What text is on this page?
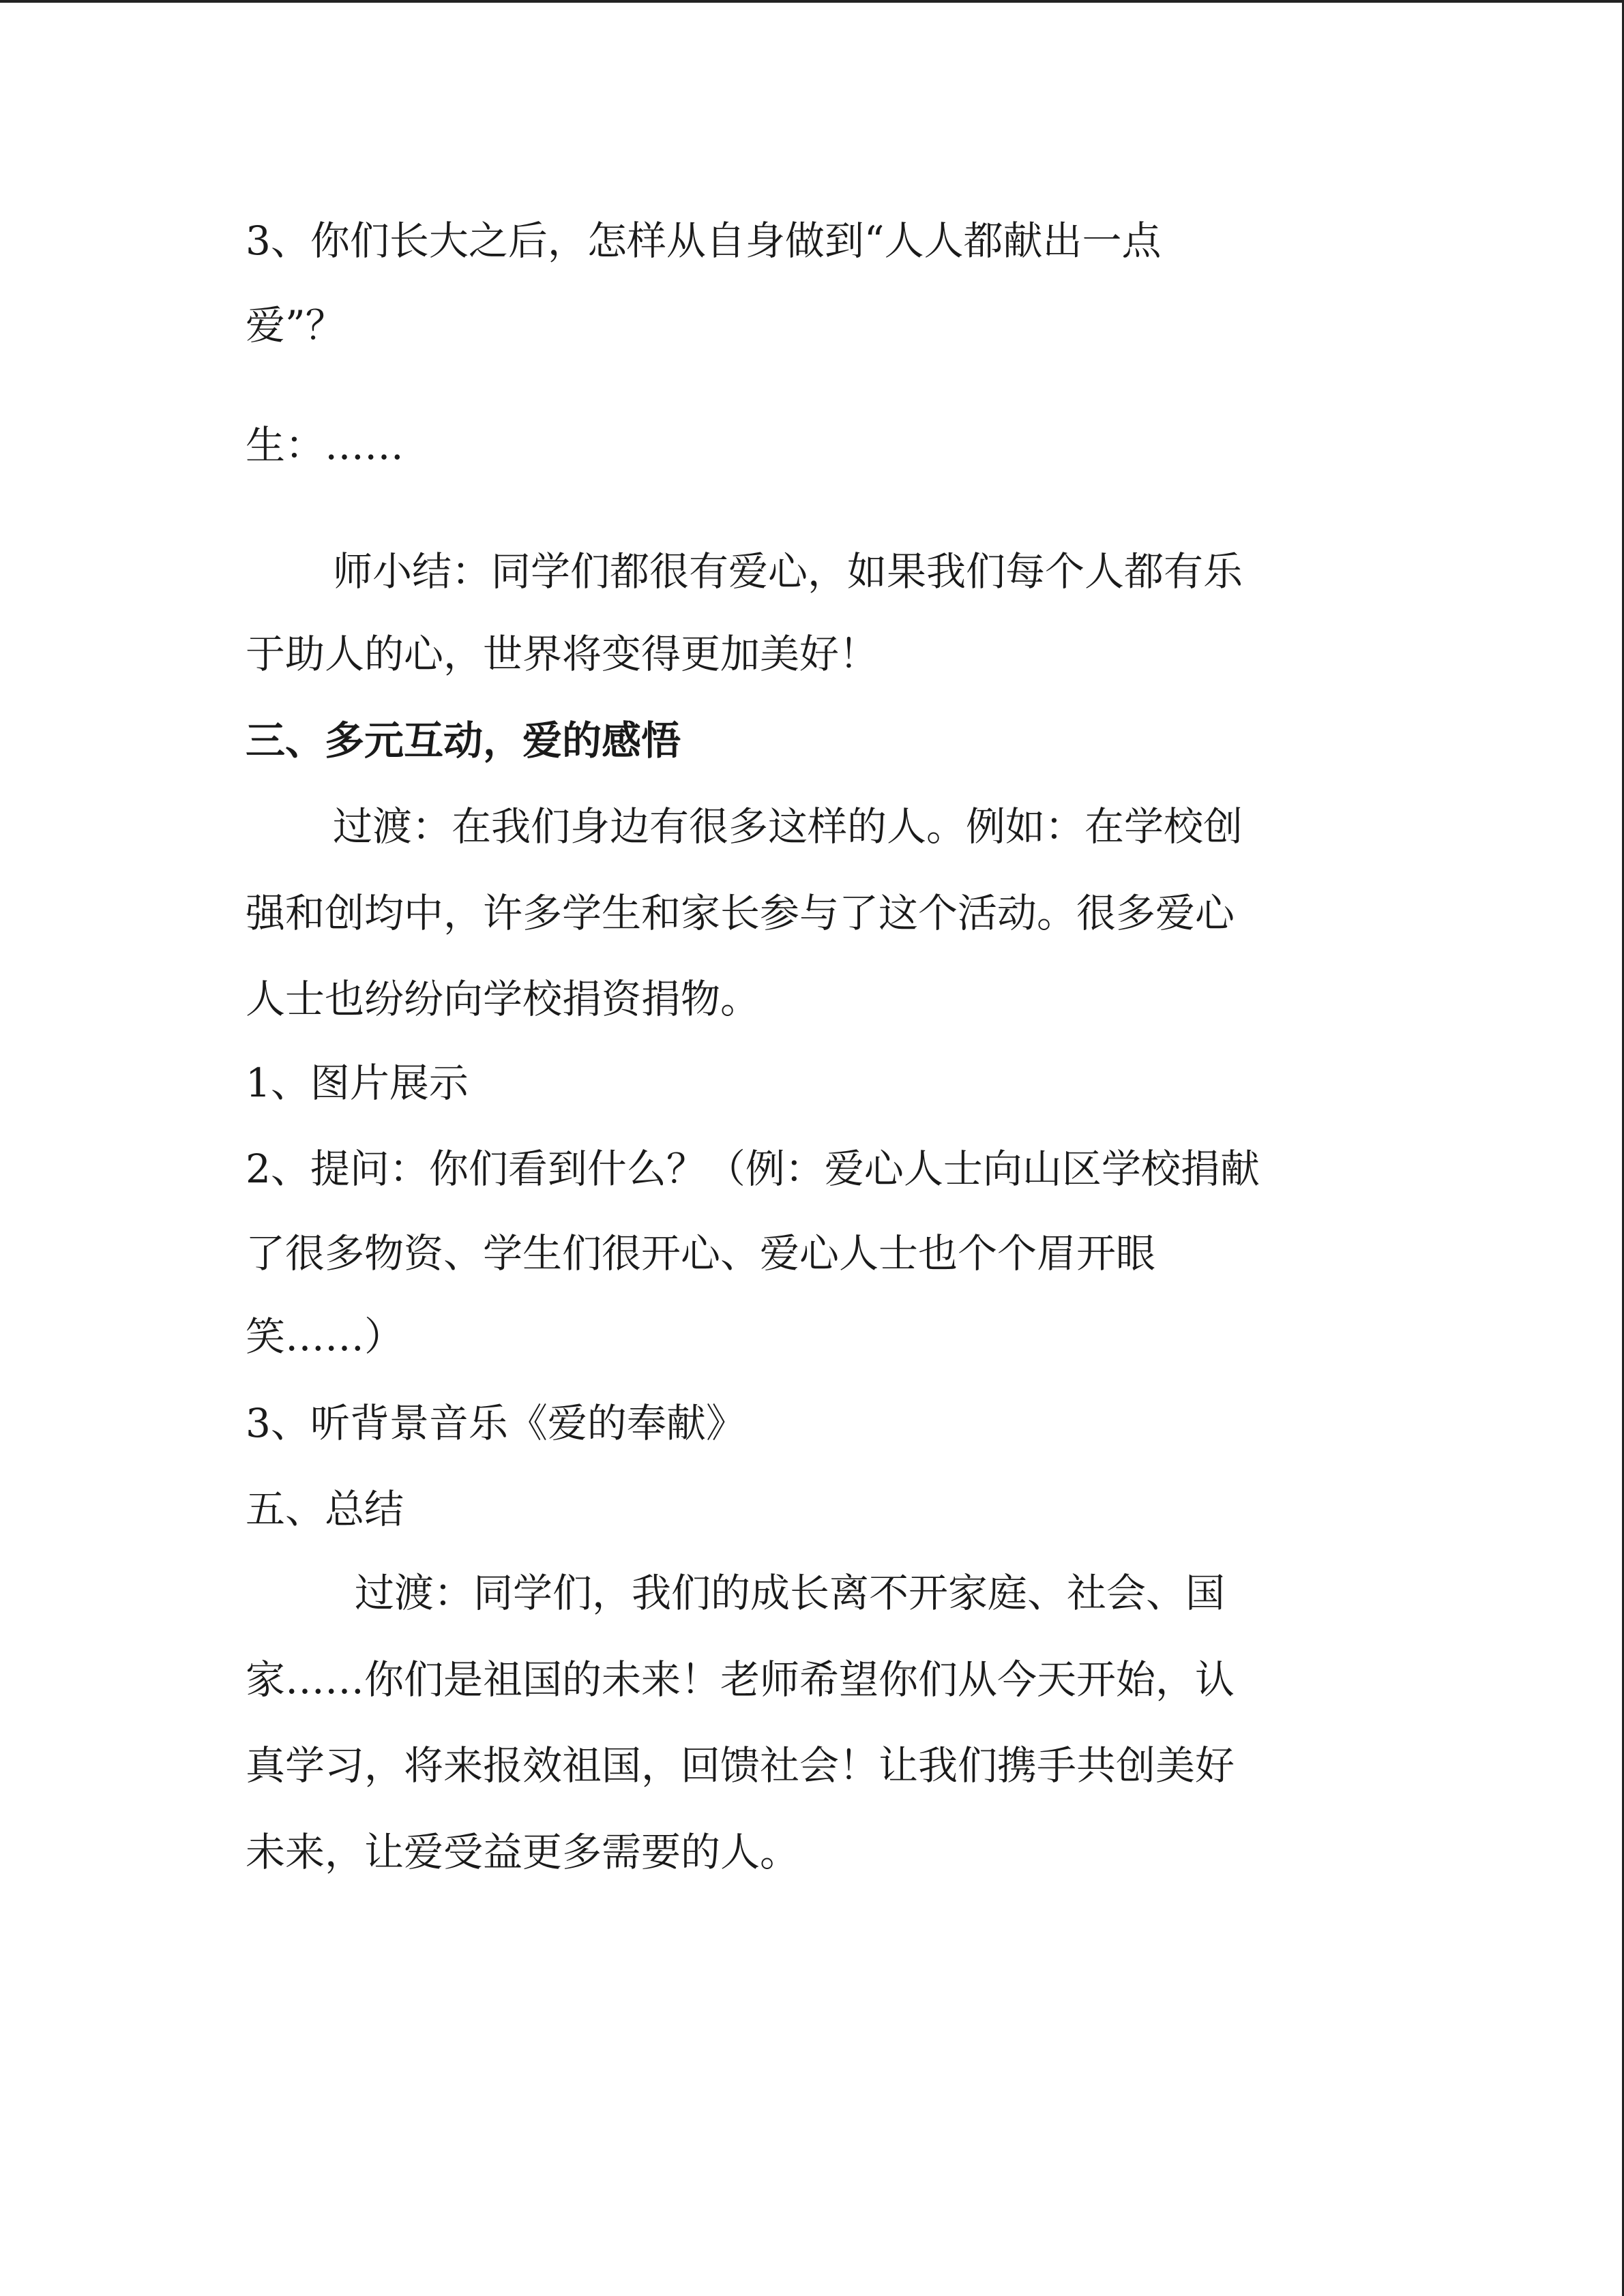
3、你们长大之后，怎样从自身做到“人人都献出一点
爱”？
生：……
师小结：同学们都很有爱心，如果我们每个人都有乐
于助人的心，世界将变得更加美好！
三、多元互动，爱的感悟
过渡：在我们身边有很多这样的人。例如：在学校创
强和创均中，许多学生和家长参与了这个活动。很多爱心
人士也纷纷向学校捐资捐物。
1、图片展示
2、提问：你们看到什么？（例：爱心人士向山区学校捐献
了很多物资、学生们很开心、爱心人士也个个眉开眼
笑……）
3、听背景音乐《爱的奉献》
五、总结
过渡：同学们，我们的成长离不开家庭、社会、国
家……你们是祖国的未来！老师希望你们从今天开始，认
真学习，将来报效祖国，回馈社会！让我们携手共创美好
未来，让爱受益更多需要的人。
